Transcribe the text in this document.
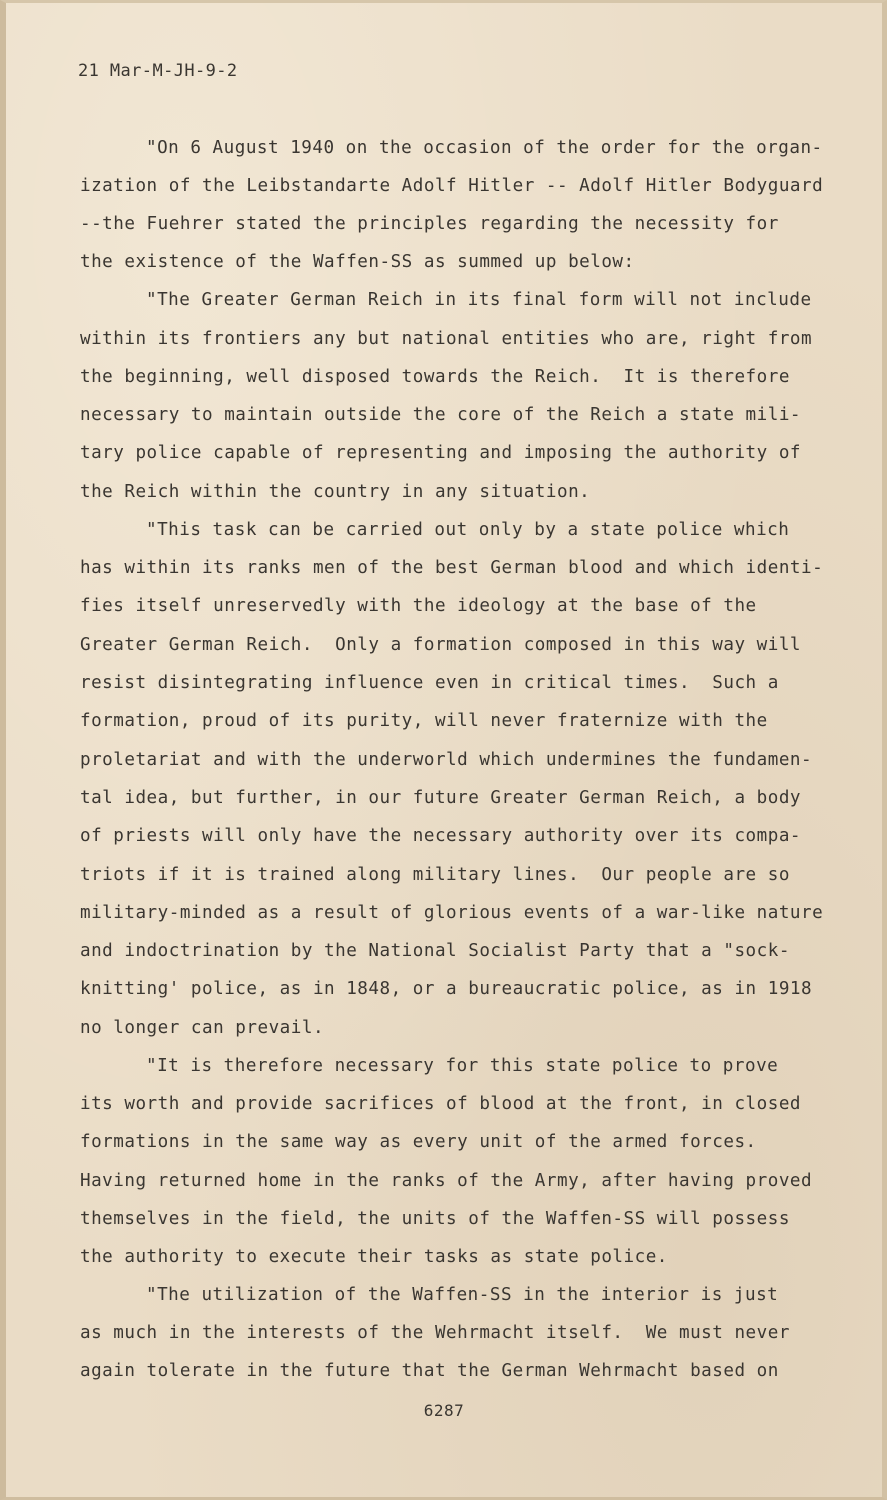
21 Mar-M-JH-9-2
"On 6 August 1940 on the occasion of the order for the organ-
ization of the Leibstandarte Adolf Hitler -- Adolf Hitler Bodyguard
--the Fuehrer stated the principles regarding the necessity for
the existence of the Waffen-SS as summed up below:
"The Greater German Reich in its final form will not include
within its frontiers any but national entities who are, right from
the beginning, well disposed towards the Reich.  It is therefore
necessary to maintain outside the core of the Reich a state mili-
tary police capable of representing and imposing the authority of
the Reich within the country in any situation.
"This task can be carried out only by a state police which
has within its ranks men of the best German blood and which identi-
fies itself unreservedly with the ideology at the base of the
Greater German Reich.  Only a formation composed in this way will
resist disintegrating influence even in critical times.  Such a
formation, proud of its purity, will never fraternize with the
proletariat and with the underworld which undermines the fundamen-
tal idea, but further, in our future Greater German Reich, a body
of priests will only have the necessary authority over its compa-
triots if it is trained along military lines.  Our people are so
military-minded as a result of glorious events of a war-like nature
and indoctrination by the National Socialist Party that a "sock-
knitting' police, as in 1848, or a bureaucratic police, as in 1918
no longer can prevail.
"It is therefore necessary for this state police to prove
its worth and provide sacrifices of blood at the front, in closed
formations in the same way as every unit of the armed forces.
Having returned home in the ranks of the Army, after having proved
themselves in the field, the units of the Waffen-SS will possess
the authority to execute their tasks as state police.
"The utilization of the Waffen-SS in the interior is just
as much in the interests of the Wehrmacht itself.  We must never
again tolerate in the future that the German Wehrmacht based on
6287
